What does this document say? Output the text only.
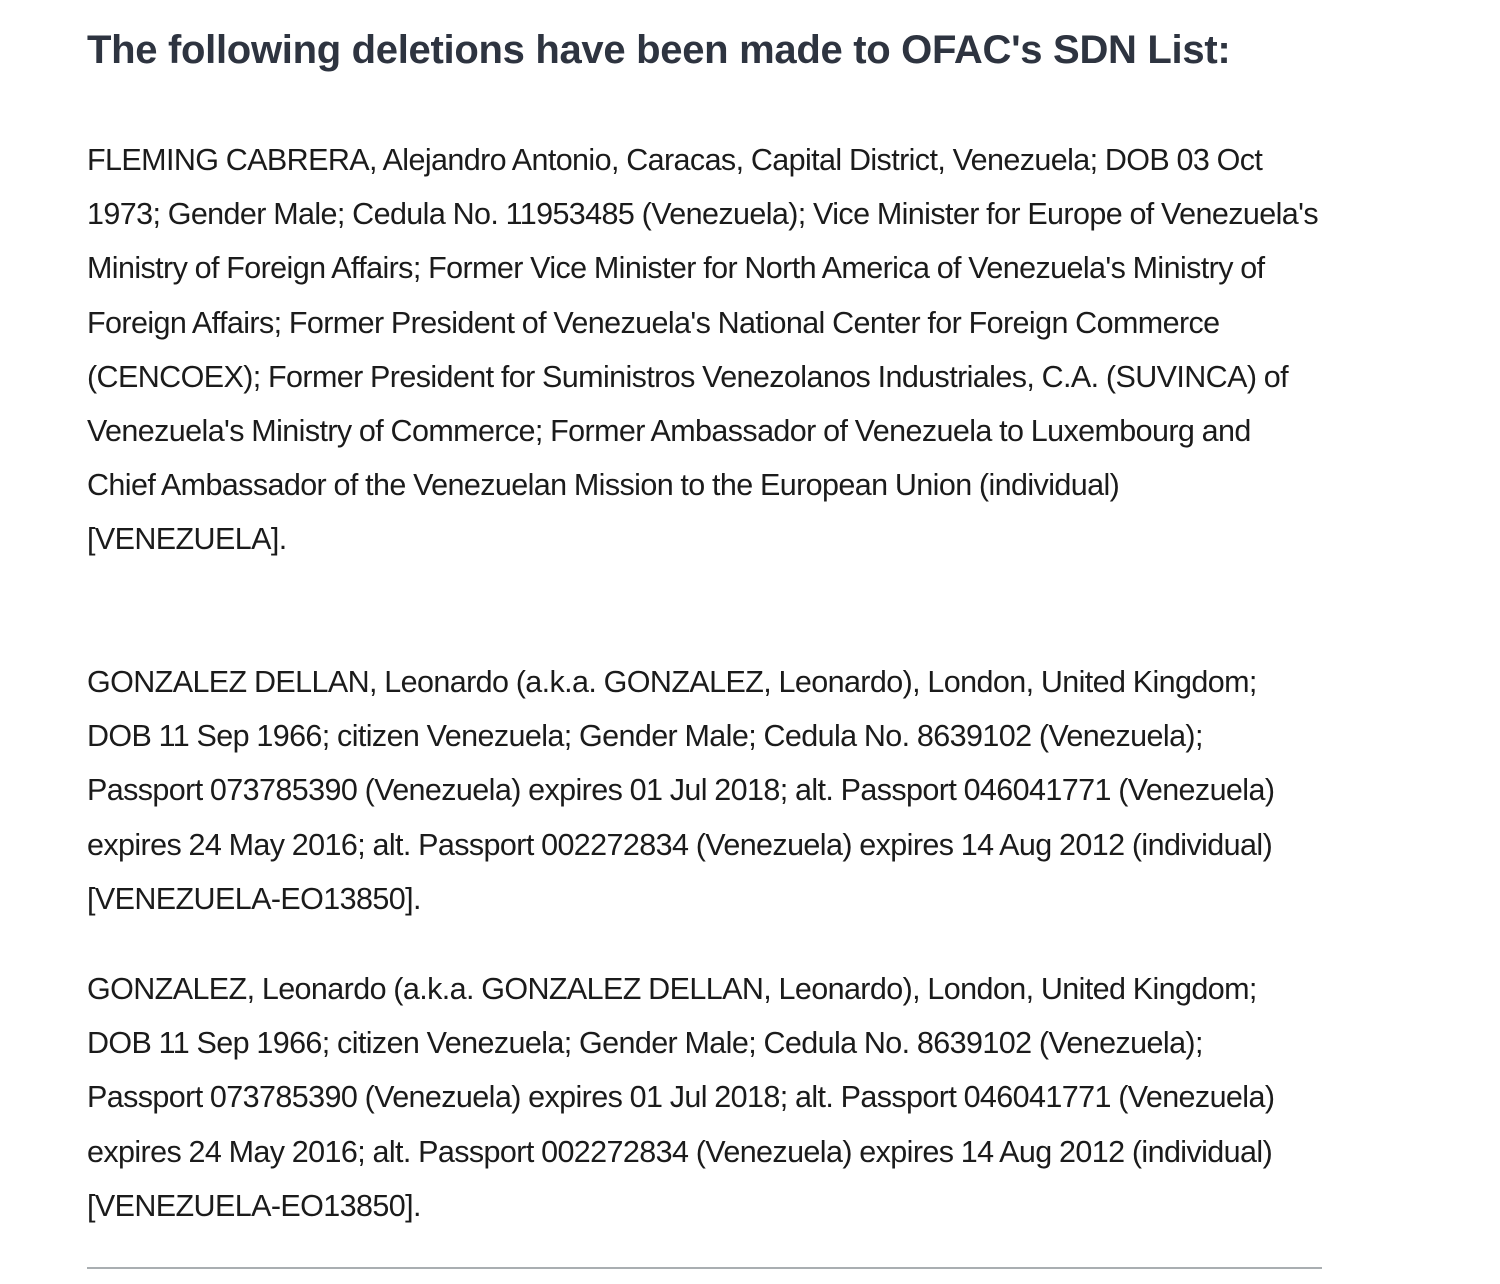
The following deletions have been made to OFAC's SDN List:

FLEMING CABRERA, Alejandro Antonio, Caracas, Capital District, Venezuela; DOB 03 Oct 1973; Gender Male; Cedula No. 11953485 (Venezuela); Vice Minister for Europe of Venezuela's Ministry of Foreign Affairs; Former Vice Minister for North America of Venezuela's Ministry of Foreign Affairs; Former President of Venezuela's National Center for Foreign Commerce (CENCOEX); Former President for Suministros Venezolanos Industriales, C.A. (SUVINCA) of Venezuela's Ministry of Commerce; Former Ambassador of Venezuela to Luxembourg and Chief Ambassador of the Venezuelan Mission to the European Union (individual) [VENEZUELA].

GONZALEZ DELLAN, Leonardo (a.k.a. GONZALEZ, Leonardo), London, United Kingdom; DOB 11 Sep 1966; citizen Venezuela; Gender Male; Cedula No. 8639102 (Venezuela); Passport 073785390 (Venezuela) expires 01 Jul 2018; alt. Passport 046041771 (Venezuela) expires 24 May 2016; alt. Passport 002272834 (Venezuela) expires 14 Aug 2012 (individual) [VENEZUELA-EO13850].

GONZALEZ, Leonardo (a.k.a. GONZALEZ DELLAN, Leonardo), London, United Kingdom; DOB 11 Sep 1966; citizen Venezuela; Gender Male; Cedula No. 8639102 (Venezuela); Passport 073785390 (Venezuela) expires 01 Jul 2018; alt. Passport 046041771 (Venezuela) expires 24 May 2016; alt. Passport 002272834 (Venezuela) expires 14 Aug 2012 (individual) [VENEZUELA-EO13850].
